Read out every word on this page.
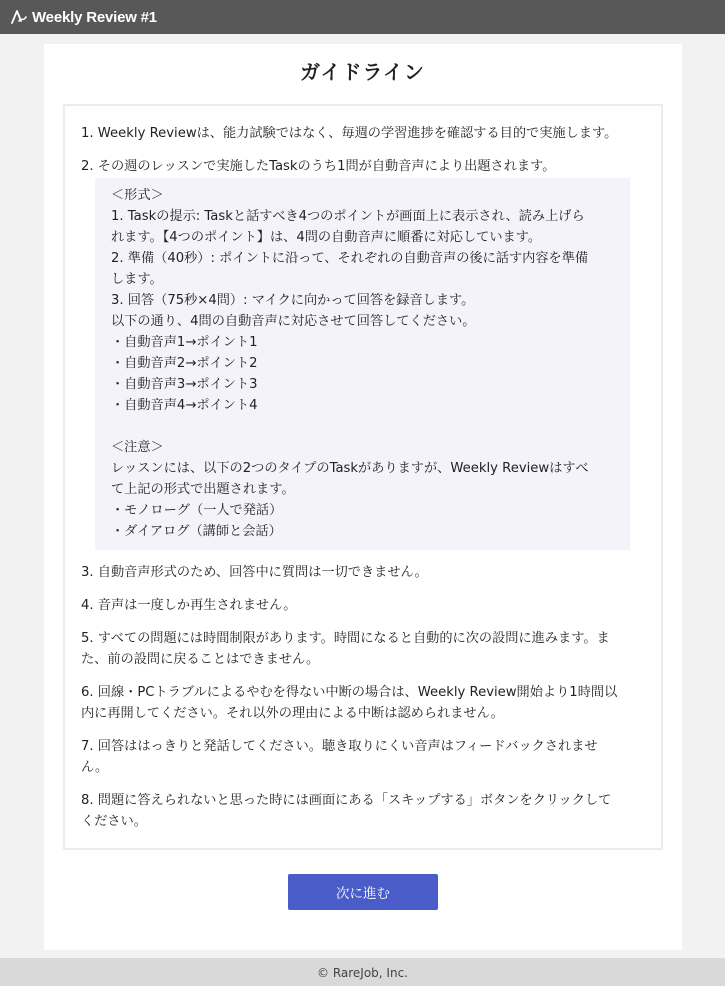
Weekly Review #1
ガイドライン
1. Weekly Reviewは、能力試験ではなく、毎週の学習進捗を確認する目的で実施します。
2. その週のレッスンで実施したTaskのうち1問が自動音声により出題されます。
＜形式＞
1. Taskの提示: Taskと話すべき4つのポイントが画面上に表示され、読み上げら
れます。【4つのポイント】は、4問の自動音声に順番に対応しています。
2. 準備（40秒）: ポイントに沿って、それぞれの自動音声の後に話す内容を準備
します。
3. 回答（75秒×4問）: マイクに向かって回答を録音します。
以下の通り、4問の自動音声に対応させて回答してください。
・自動音声1→ポイント1
・自動音声2→ポイント2
・自動音声3→ポイント3
・自動音声4→ポイント4
＜注意＞
レッスンには、以下の2つのタイプのTaskがありますが、Weekly Reviewはすべ
て上記の形式で出題されます。
・モノローグ（一人で発話）
・ダイアログ（講師と会話）
3. 自動音声形式のため、回答中に質問は一切できません。
4. 音声は一度しか再生されません。
5. すべての問題には時間制限があります。時間になると自動的に次の設問に進みます。ま
た、前の設問に戻ることはできません。
6. 回線・PCトラブルによるやむを得ない中断の場合は、Weekly Review開始より1時間以
内に再開してください。それ以外の理由による中断は認められません。
7. 回答ははっきりと発話してください。聴き取りにくい音声はフィードバックされませ
ん。
8. 問題に答えられないと思った時には画面にある「スキップする」ボタンをクリックして
ください。
次に進む
© RareJob, Inc.
